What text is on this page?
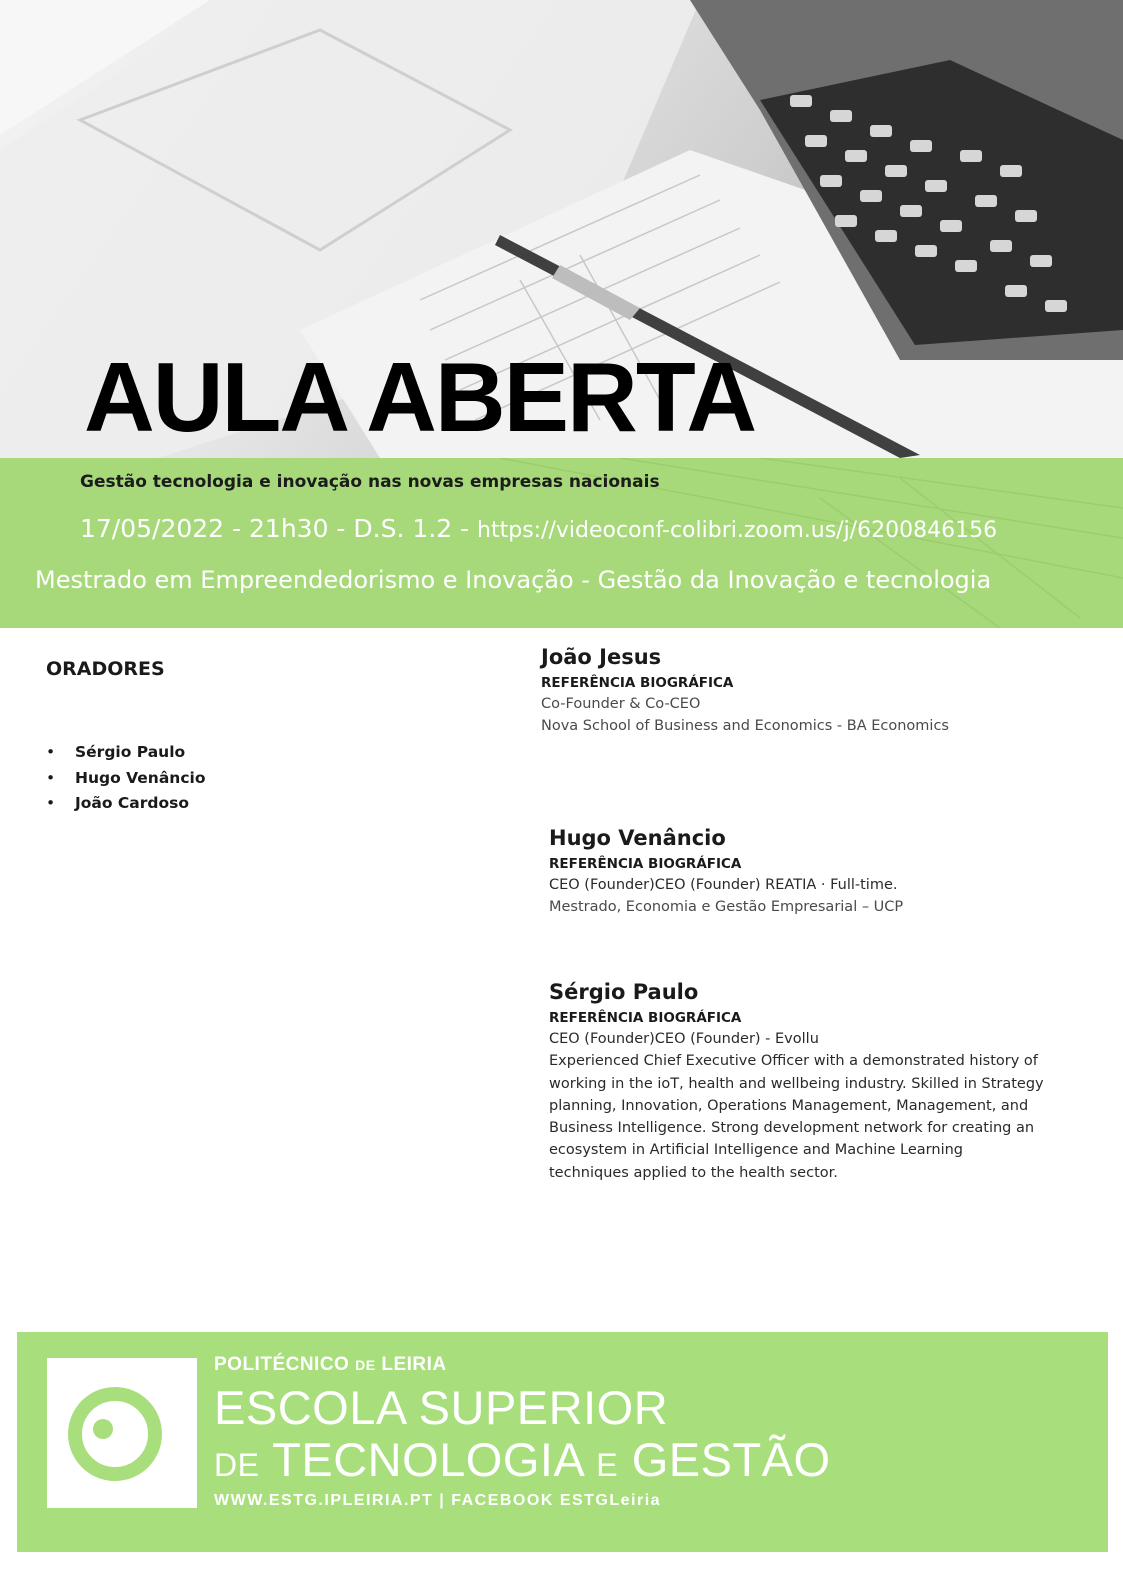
AULA ABERTA

Gestão tecnologia e inovação nas novas empresas nacionais

17/05/2022 - 21h30 - D.S. 1.2 - https://videoconf-colibri.zoom.us/j/6200846156
Mestrado em Empreendedorismo e Inovação - Gestão da Inovação e tecnologia
ORADORES
• Sérgio Paulo
• Hugo Venâncio
• João Cardoso
João Jesus
REFERÊNCIA BIOGRÁFICA
Co-Founder & Co-CEO
Nova School of Business and Economics - BA Economics
Hugo Venâncio
REFERÊNCIA BIOGRÁFICA
CEO (Founder)CEO (Founder) REATIA · Full-time.
Mestrado, Economia e Gestão Empresarial – UCP
Sérgio Paulo
REFERÊNCIA BIOGRÁFICA
CEO (Founder)CEO (Founder) - Evollu
Experienced Chief Executive Officer with a demonstrated history of
working in the ioT, health and wellbeing industry. Skilled in Strategy
planning, Innovation, Operations Management, Management, and
Business Intelligence. Strong development network for creating an
ecosystem in Artificial Intelligence and Machine Learning
techniques applied to the health sector.
POLITÉCNICO DE LEIRIA
ESCOLA SUPERIOR
DE TECNOLOGIA E GESTÃO
WWW.ESTG.IPLEIRIA.PT | FACEBOOK ESTGLeiria
